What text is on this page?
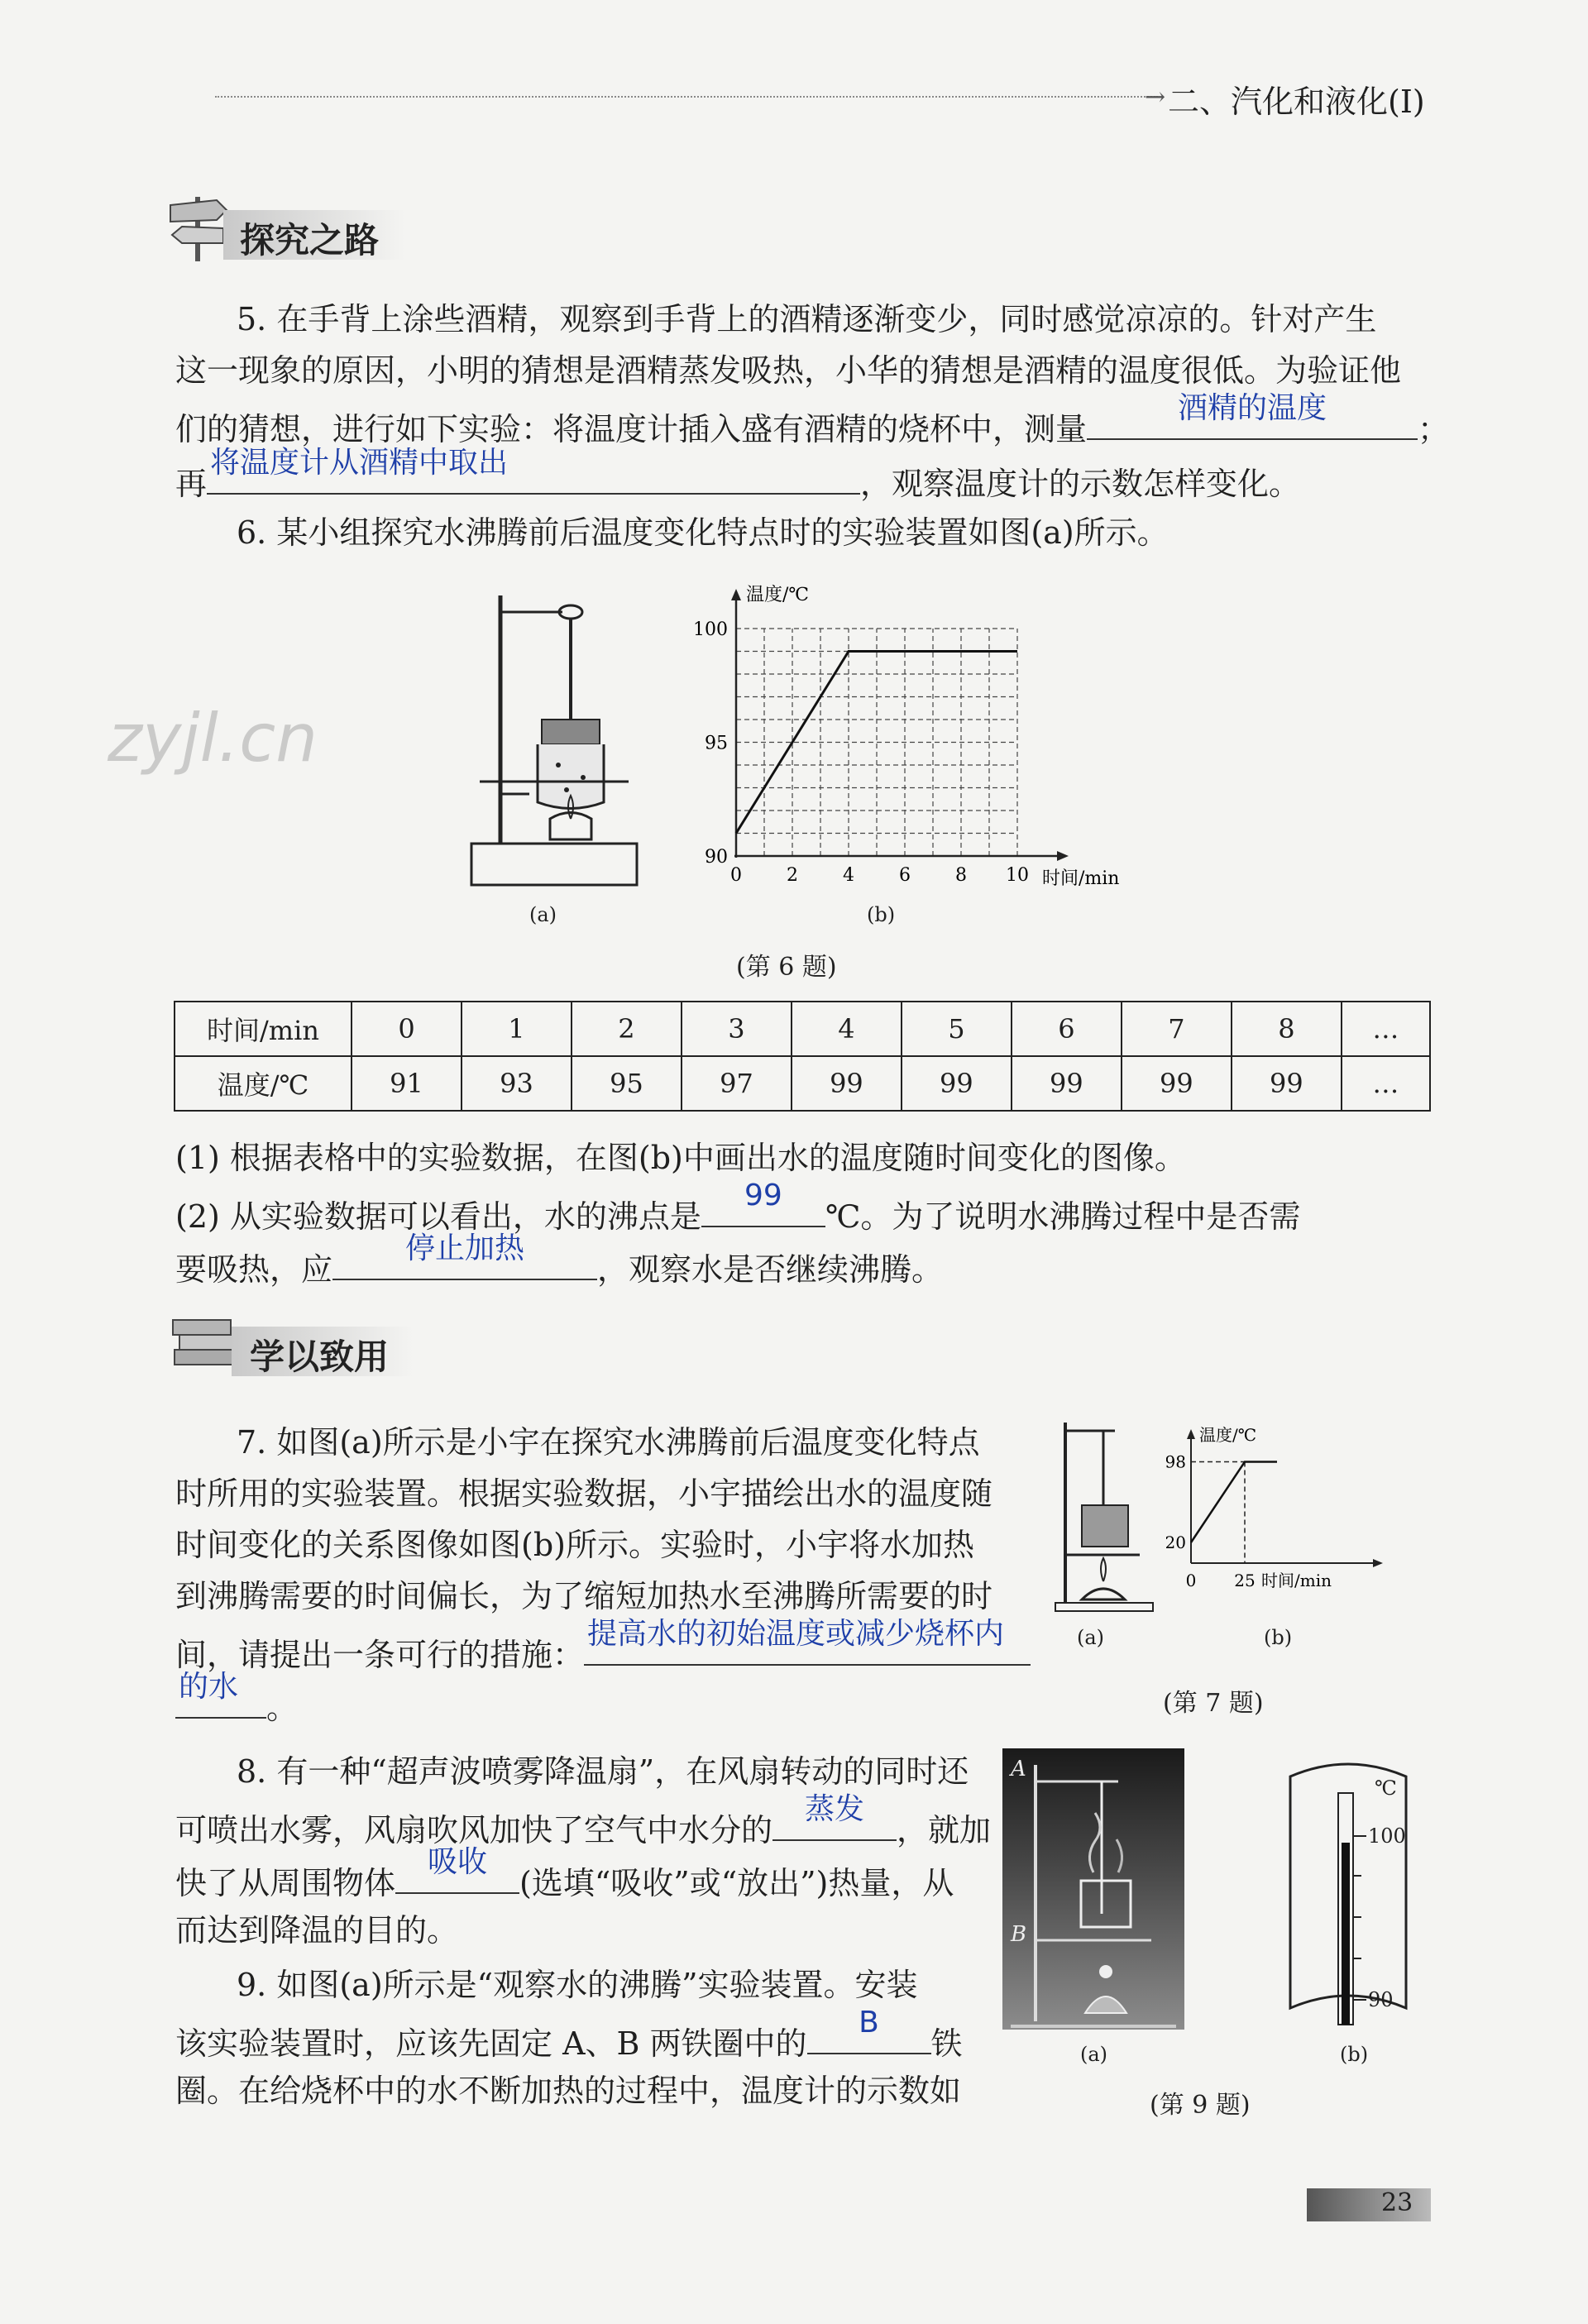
→ 二、汽化和液化(Ⅰ)
探究之路
5. 在手背上涂些酒精，观察到手背上的酒精逐渐变少，同时感觉凉凉的。针对产生
这一现象的原因，小明的猜想是酒精蒸发吸热，小华的猜想是酒精的温度很低。为验证他
们的猜想，进行如下实验：将温度计插入盛有酒精的烧杯中，测量
酒精的温度
；
再
将温度计从酒精中取出
，观察温度计的示数怎样变化。
6. 某小组探究水沸腾前后温度变化特点时的实验装置如图(a)所示。
(a)
90
95
100
0 2 4 6 8 10
温度/℃
时间/min
(b)
(第 6 题)
时间/min	0	1	2	3	4	5	6	7	8	…
温度/℃	91	93	95	97	99	99	99	99	99	…
(1) 根据表格中的实验数据，在图(b)中画出水的温度随时间变化的图像。
(2) 从实验数据可以看出，水的沸点是
99
℃。为了说明水沸腾过程中是否需
要吸热，应
停止加热
，观察水是否继续沸腾。
学以致用
7. 如图(a)所示是小宇在探究水沸腾前后温度变化特点
时所用的实验装置。根据实验数据，小宇描绘出水的温度随
时间变化的关系图像如图(b)所示。实验时，小宇将水加热
到沸腾需要的时间偏长，为了缩短加热水至沸腾所需要的时
间，请提出一条可行的措施：
提高水的初始温度或减少烧杯内
的水
。
(a)
20
98
0 25
温度/℃
时间/min
(b)
(第 7 题)
8. 有一种“超声波喷雾降温扇”，在风扇转动的同时还
可喷出水雾，风扇吹风加快了空气中水分的
蒸发
，就加
快了从周围物体
吸收
(选填“吸收”或“放出”)热量，从
而达到降温的目的。
9. 如图(a)所示是“观察水的沸腾”实验装置。安装
该实验装置时，应该先固定 A、B 两铁圈中的
B
铁
圈。在给烧杯中的水不断加热的过程中，温度计的示数如
A
B
(a)
℃
100
90
(b)
(第 9 题)
zyjl.cn
23
